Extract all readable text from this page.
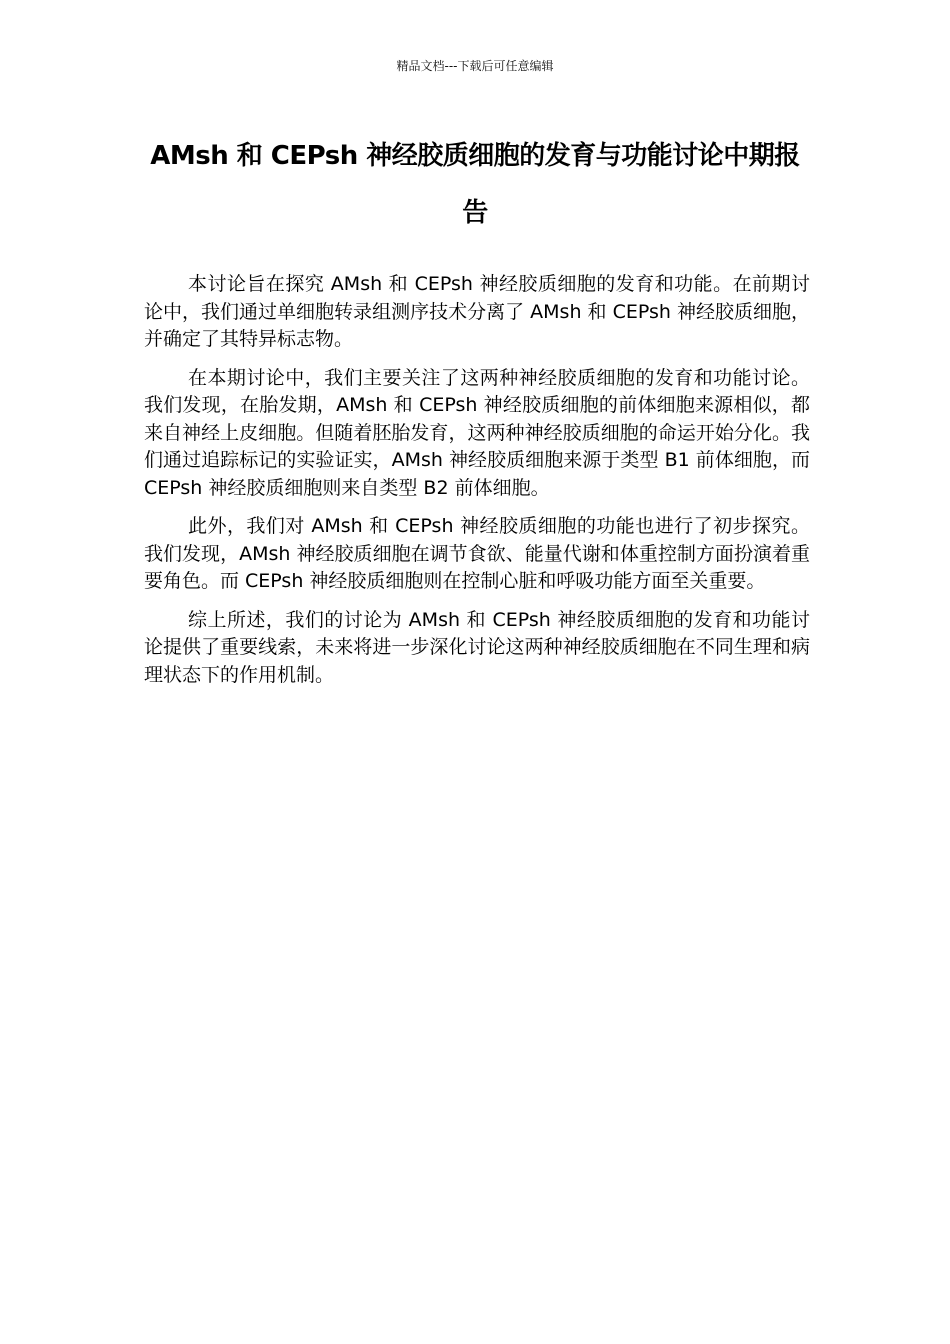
精品文档---下载后可任意编辑
AMsh 和 CEPsh 神经胶质细胞的发育与功能讨论中期报告

本讨论旨在探究 AMsh 和 CEPsh 神经胶质细胞的发育和功能。在前期讨论中，我们通过单细胞转录组测序技术分离了 AMsh 和 CEPsh 神经胶质细胞，并确定了其特异标志物。

在本期讨论中，我们主要关注了这两种神经胶质细胞的发育和功能讨论。我们发现，在胎发期，AMsh 和 CEPsh 神经胶质细胞的前体细胞来源相似，都来自神经上皮细胞。但随着胚胎发育，这两种神经胶质细胞的命运开始分化。我们通过追踪标记的实验证实，AMsh 神经胶质细胞来源于类型 B1 前体细胞，而 CEPsh 神经胶质细胞则来自类型 B2 前体细胞。

此外，我们对 AMsh 和 CEPsh 神经胶质细胞的功能也进行了初步探究。我们发现，AMsh 神经胶质细胞在调节食欲、能量代谢和体重控制方面扮演着重要角色。而 CEPsh 神经胶质细胞则在控制心脏和呼吸功能方面至关重要。

综上所述，我们的讨论为 AMsh 和 CEPsh 神经胶质细胞的发育和功能讨论提供了重要线索，未来将进一步深化讨论这两种神经胶质细胞在不同生理和病理状态下的作用机制。
